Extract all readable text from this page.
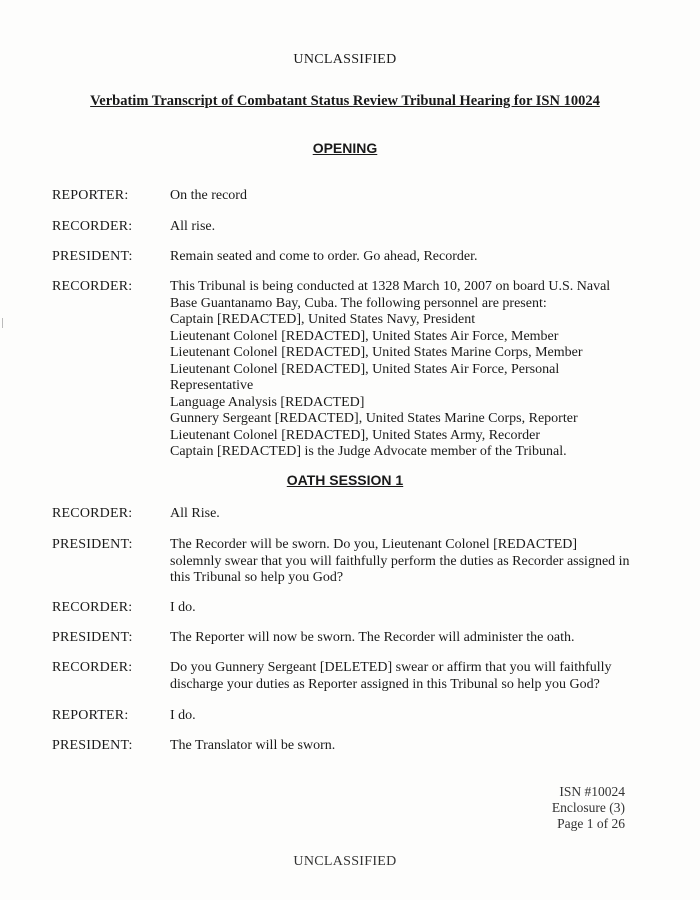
UNCLASSIFIED
Verbatim Transcript of Combatant Status Review Tribunal Hearing for ISN 10024
OPENING
REPORTER:	On the record
RECORDER:	All rise.
PRESIDENT:	Remain seated and come to order. Go ahead, Recorder.
RECORDER:	This Tribunal is being conducted at 1328 March 10, 2007 on board U.S. Naval
Base Guantanamo Bay, Cuba. The following personnel are present:
Captain [REDACTED], United States Navy, President
Lieutenant Colonel [REDACTED], United States Air Force, Member
Lieutenant Colonel [REDACTED], United States Marine Corps, Member
Lieutenant Colonel [REDACTED], United States Air Force, Personal
Representative
Language Analysis [REDACTED]
Gunnery Sergeant [REDACTED], United States Marine Corps, Reporter
Lieutenant Colonel [REDACTED], United States Army, Recorder
Captain [REDACTED] is the Judge Advocate member of the Tribunal.
OATH SESSION 1
RECORDER:	All Rise.
PRESIDENT:	The Recorder will be sworn. Do you, Lieutenant Colonel [REDACTED]
solemnly swear that you will faithfully perform the duties as Recorder assigned in
this Tribunal so help you God?
RECORDER:	I do.
PRESIDENT:	The Reporter will now be sworn. The Recorder will administer the oath.
RECORDER:	Do you Gunnery Sergeant [DELETED] swear or affirm that you will faithfully
discharge your duties as Reporter assigned in this Tribunal so help you God?
REPORTER:	I do.
PRESIDENT:	The Translator will be sworn.
ISN #10024
Enclosure (3)
Page 1 of 26
UNCLASSIFIED
